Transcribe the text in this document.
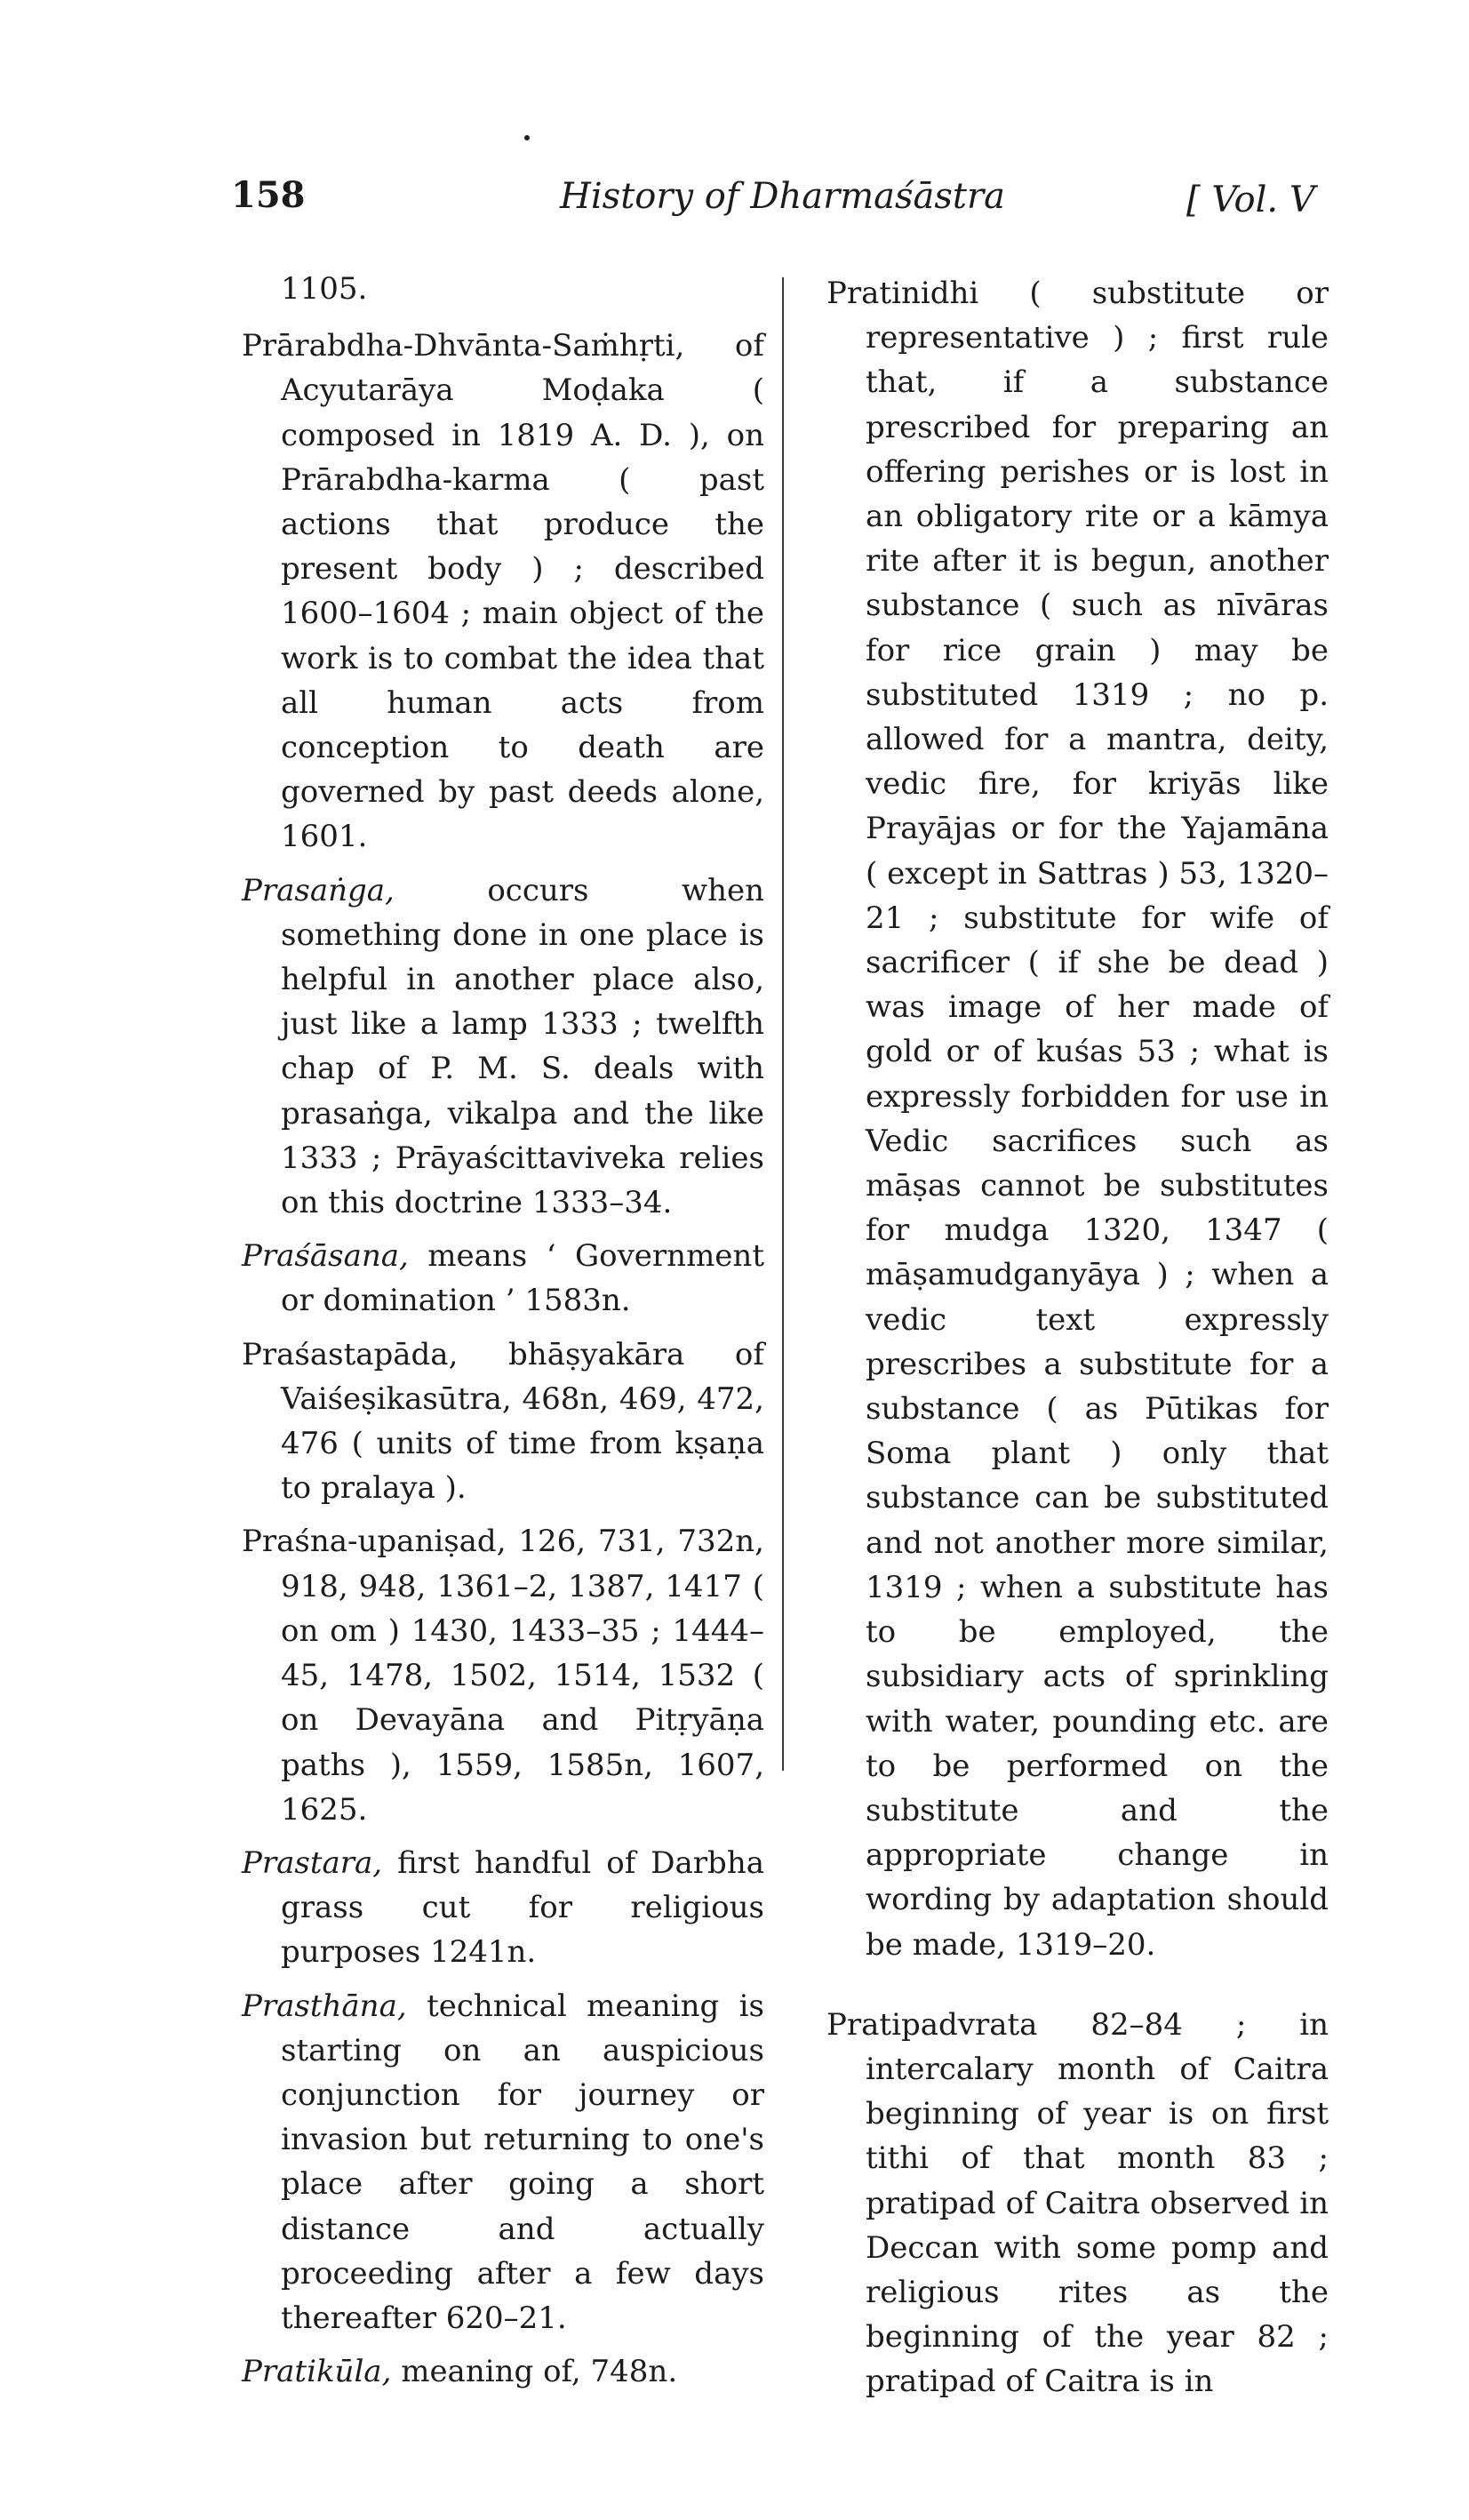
158	History of Dharmaśāstra	[ Vol. V

1105.

Prārabdha-Dhvānta-Saṁhṛti, of Acyutarāya Moḍaka ( composed in 1819 A. D. ), on Prārabdha-karma ( past actions that produce the present body ) ; described 1600–1604 ; main object of the work is to combat the idea that all human acts from conception to death are governed by past deeds alone, 1601.

Prasaṅga, occurs when something done in one place is helpful in another place also, just like a lamp 1333 ; twelfth chap of P. M. S. deals with prasaṅga, vikalpa and the like 1333 ; Prāyaścittaviveka relies on this doctrine 1333–34.

Praśāsana, means ‘ Government or domination ’ 1583n.

Praśastapāda, bhāṣyakāra of Vaiśeṣikasūtra, 468n, 469, 472, 476 ( units of time from kṣaṇa to pralaya ).

Praśna-upaniṣad, 126, 731, 732n, 918, 948, 1361–2, 1387, 1417 ( on om ) 1430, 1433–35 ; 1444–45, 1478, 1502, 1514, 1532 ( on Devayāna and Pitṛyāṇa paths ), 1559, 1585n, 1607, 1625.

Prastara, first handful of Darbha grass cut for religious purposes 1241n.

Prasthāna, technical meaning is starting on an auspicious conjunction for journey or invasion but returning to one's place after going a short distance and actually proceeding after a few days thereafter 620–21.

Pratikūla, meaning of, 748n.

Pratinidhi ( substitute or representative ) ; first rule that, if a substance prescribed for preparing an offering perishes or is lost in an obligatory rite or a kāmya rite after it is begun, another substance ( such as nīvāras for rice grain ) may be substituted 1319 ; no p. allowed for a mantra, deity, vedic fire, for kriyās like Prayājas or for the Yajamāna ( except in Sattras ) 53, 1320–21 ; substitute for wife of sacrificer ( if she be dead ) was image of her made of gold or of kuśas 53 ; what is expressly forbidden for use in Vedic sacrifices such as māṣas cannot be substitutes for mudga 1320, 1347 ( māṣamudganyāya ) ; when a vedic text expressly prescribes a substitute for a substance ( as Pūtikas for Soma plant ) only that substance can be substituted and not another more similar, 1319 ; when a substitute has to be employed, the subsidiary acts of sprinkling with water, pounding etc. are to be performed on the substitute and the appropriate change in wording by adaptation should be made, 1319–20.

Pratipadvrata 82–84 ; in intercalary month of Caitra beginning of year is on first tithi of that month 83 ; pratipad of Caitra observed in Deccan with some pomp and religious rites as the beginning of the year 82 ; pratipad of Caitra is in
